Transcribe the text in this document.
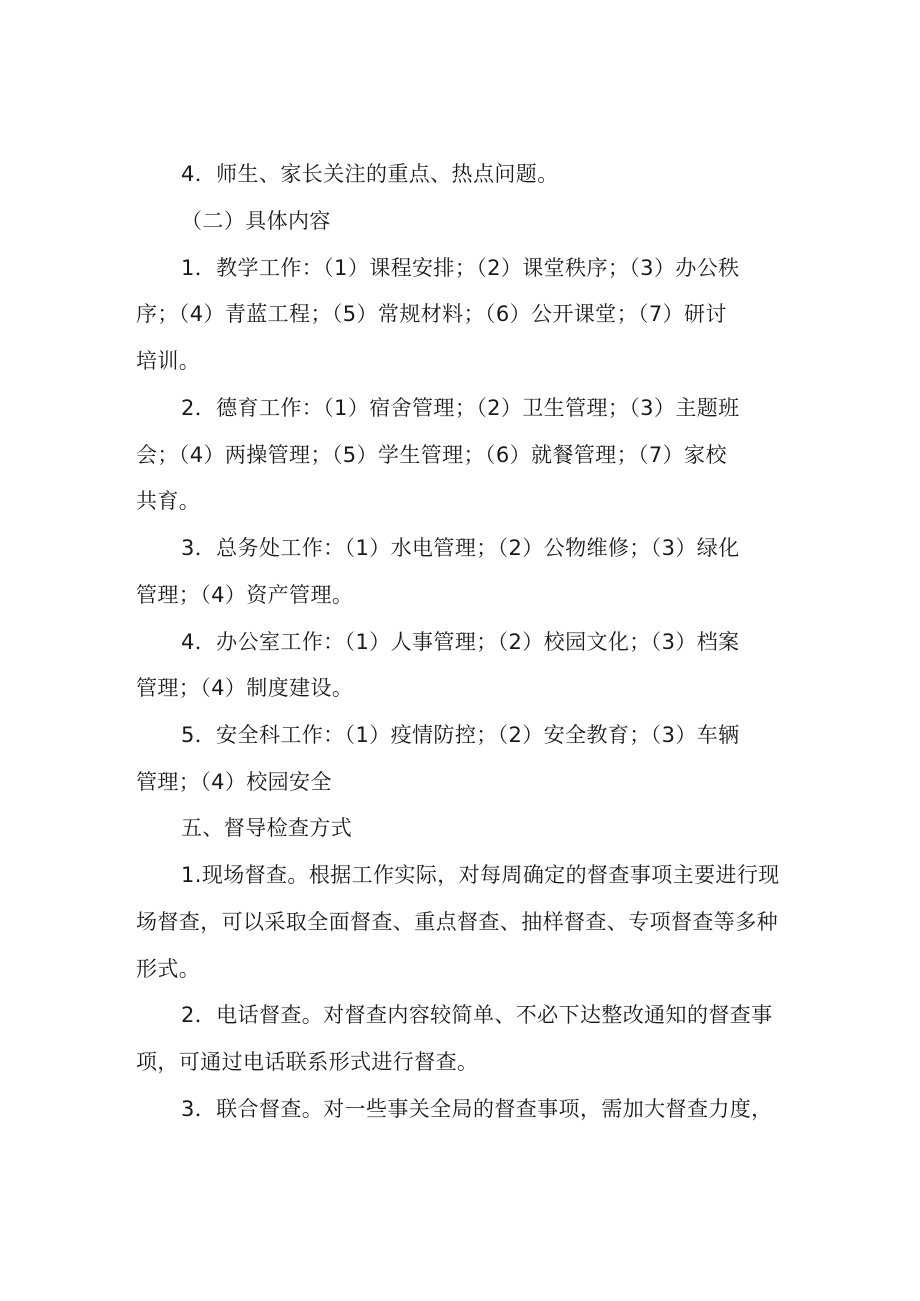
4．师生、家长关注的重点、热点问题。
（二）具体内容
1．教学工作：（1）课程安排；（2）课堂秩序；（3）办公秩
序；（4）青蓝工程；（5）常规材料；（6）公开课堂；（7）研讨
培训。
2．德育工作：（1）宿舍管理；（2）卫生管理；（3）主题班
会；（4）两操管理；（5）学生管理；（6）就餐管理；（7）家校
共育。
3．总务处工作：（1）水电管理；（2）公物维修；（3）绿化
管理；（4）资产管理。
4．办公室工作：（1）人事管理；（2）校园文化；（3）档案
管理；（4）制度建设。
5．安全科工作：（1）疫情防控；（2）安全教育；（3）车辆
管理；（4）校园安全
五、督导检查方式
1.现场督查。根据工作实际，对每周确定的督查事项主要进行现
场督查，可以采取全面督查、重点督查、抽样督查、专项督查等多种
形式。
2．电话督查。对督查内容较简单、不必下达整改通知的督查事
项，可通过电话联系形式进行督查。
3．联合督查。对一些事关全局的督查事项，需加大督查力度，
